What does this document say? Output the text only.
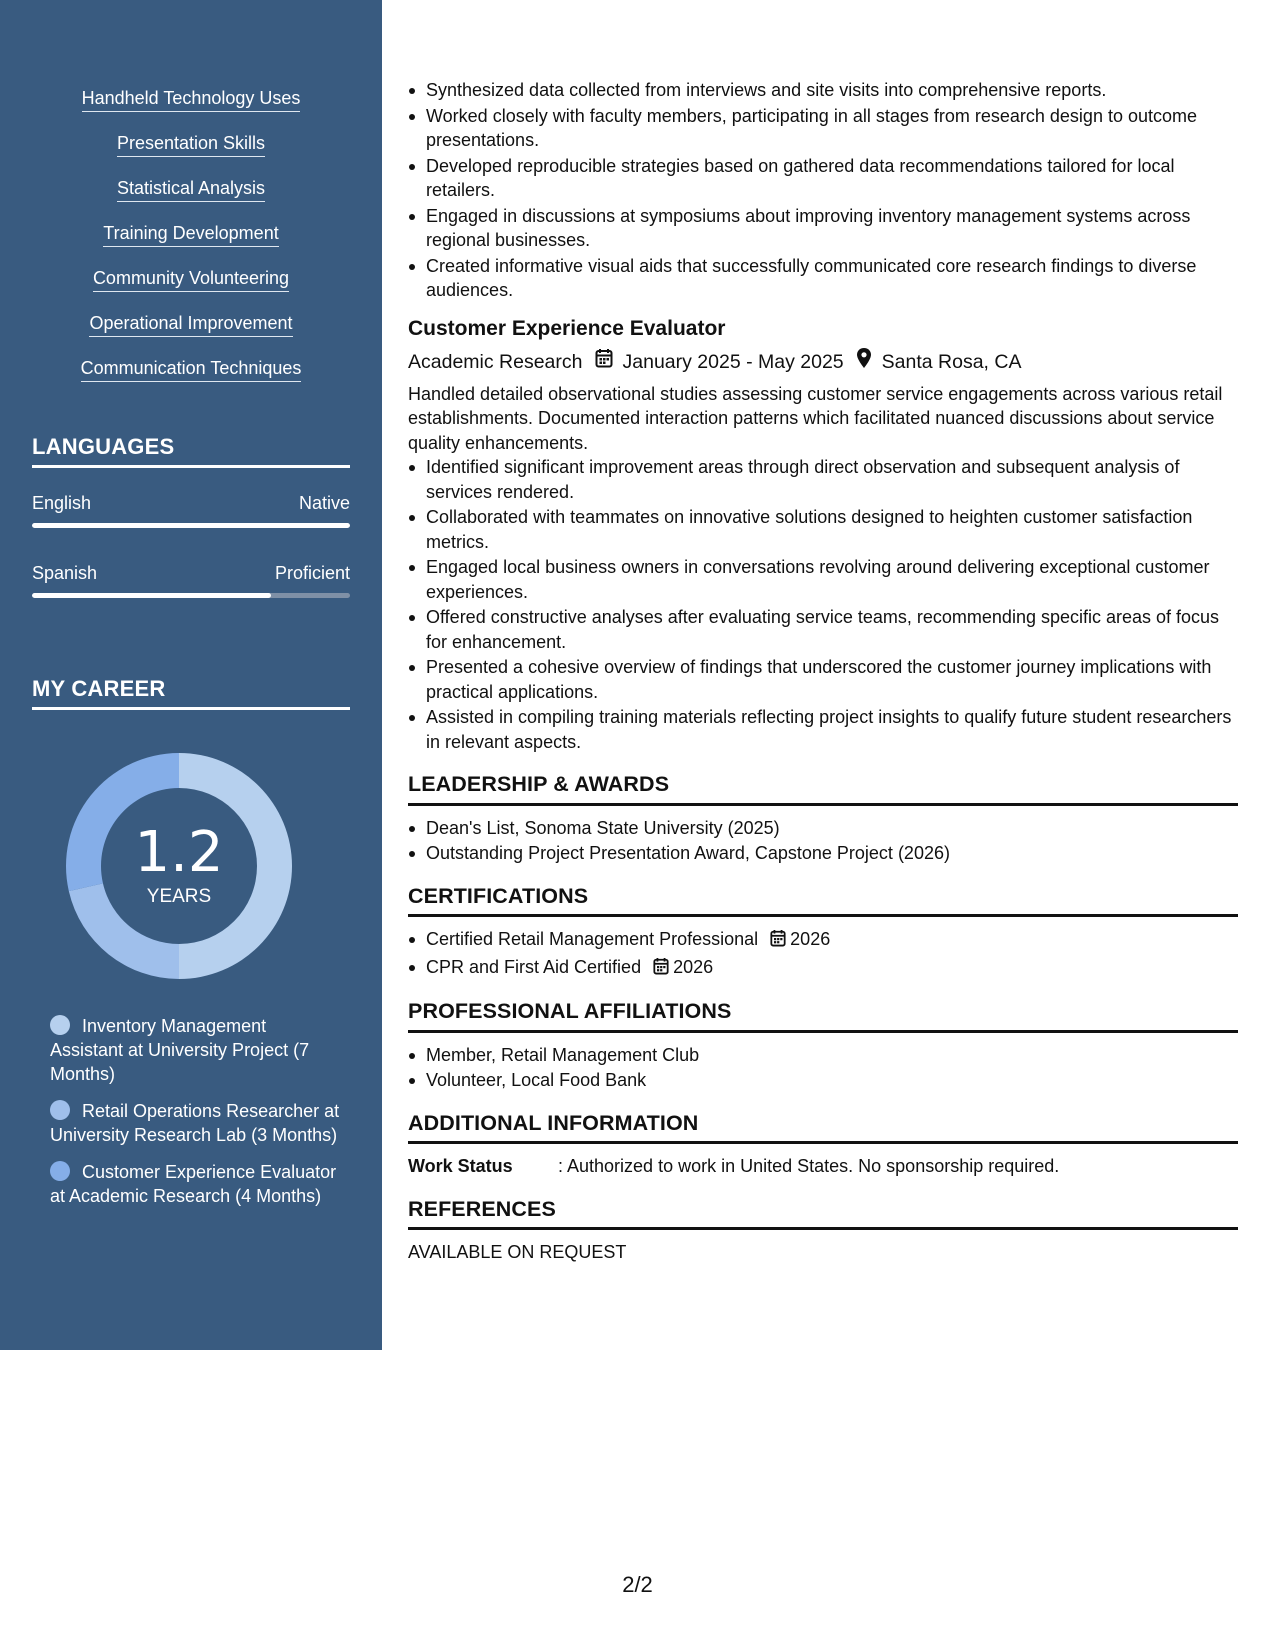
Handheld Technology Uses
Presentation Skills
Statistical Analysis
Training Development
Community Volunteering
Operational Improvement
Communication Techniques
LANGUAGES
English	Native
Spanish	Proficient
MY CAREER
1.2
YEARS
Inventory Management Assistant at University Project (7 Months)
Retail Operations Researcher at University Research Lab (3 Months)
Customer Experience Evaluator at Academic Research (4 Months)
Synthesized data collected from interviews and site visits into comprehensive reports.
Worked closely with faculty members, participating in all stages from research design to outcome presentations.
Developed reproducible strategies based on gathered data recommendations tailored for local retailers.
Engaged in discussions at symposiums about improving inventory management systems across regional businesses.
Created informative visual aids that successfully communicated core research findings to diverse audiences.
Customer Experience Evaluator
Academic Research January 2025 - May 2025 Santa Rosa, CA

Handled detailed observational studies assessing customer service engagements across various retail establishments. Documented interaction patterns which facilitated nuanced discussions about service quality enhancements.

Identified significant improvement areas through direct observation and subsequent analysis of services rendered.
Collaborated with teammates on innovative solutions designed to heighten customer satisfaction metrics.
Engaged local business owners in conversations revolving around delivering exceptional customer experiences.
Offered constructive analyses after evaluating service teams, recommending specific areas of focus for enhancement.
Presented a cohesive overview of findings that underscored the customer journey implications with practical applications.
Assisted in compiling training materials reflecting project insights to qualify future student researchers in relevant aspects.
LEADERSHIP & AWARDS
Dean's List, Sonoma State University (2025)
Outstanding Project Presentation Award, Capstone Project (2026)
CERTIFICATIONS
Certified Retail Management Professional 2026
CPR and First Aid Certified 2026
PROFESSIONAL AFFILIATIONS
Member, Retail Management Club
Volunteer, Local Food Bank
ADDITIONAL INFORMATION
Work Status	: Authorized to work in United States. No sponsorship required.
REFERENCES
AVAILABLE ON REQUEST
2/2
